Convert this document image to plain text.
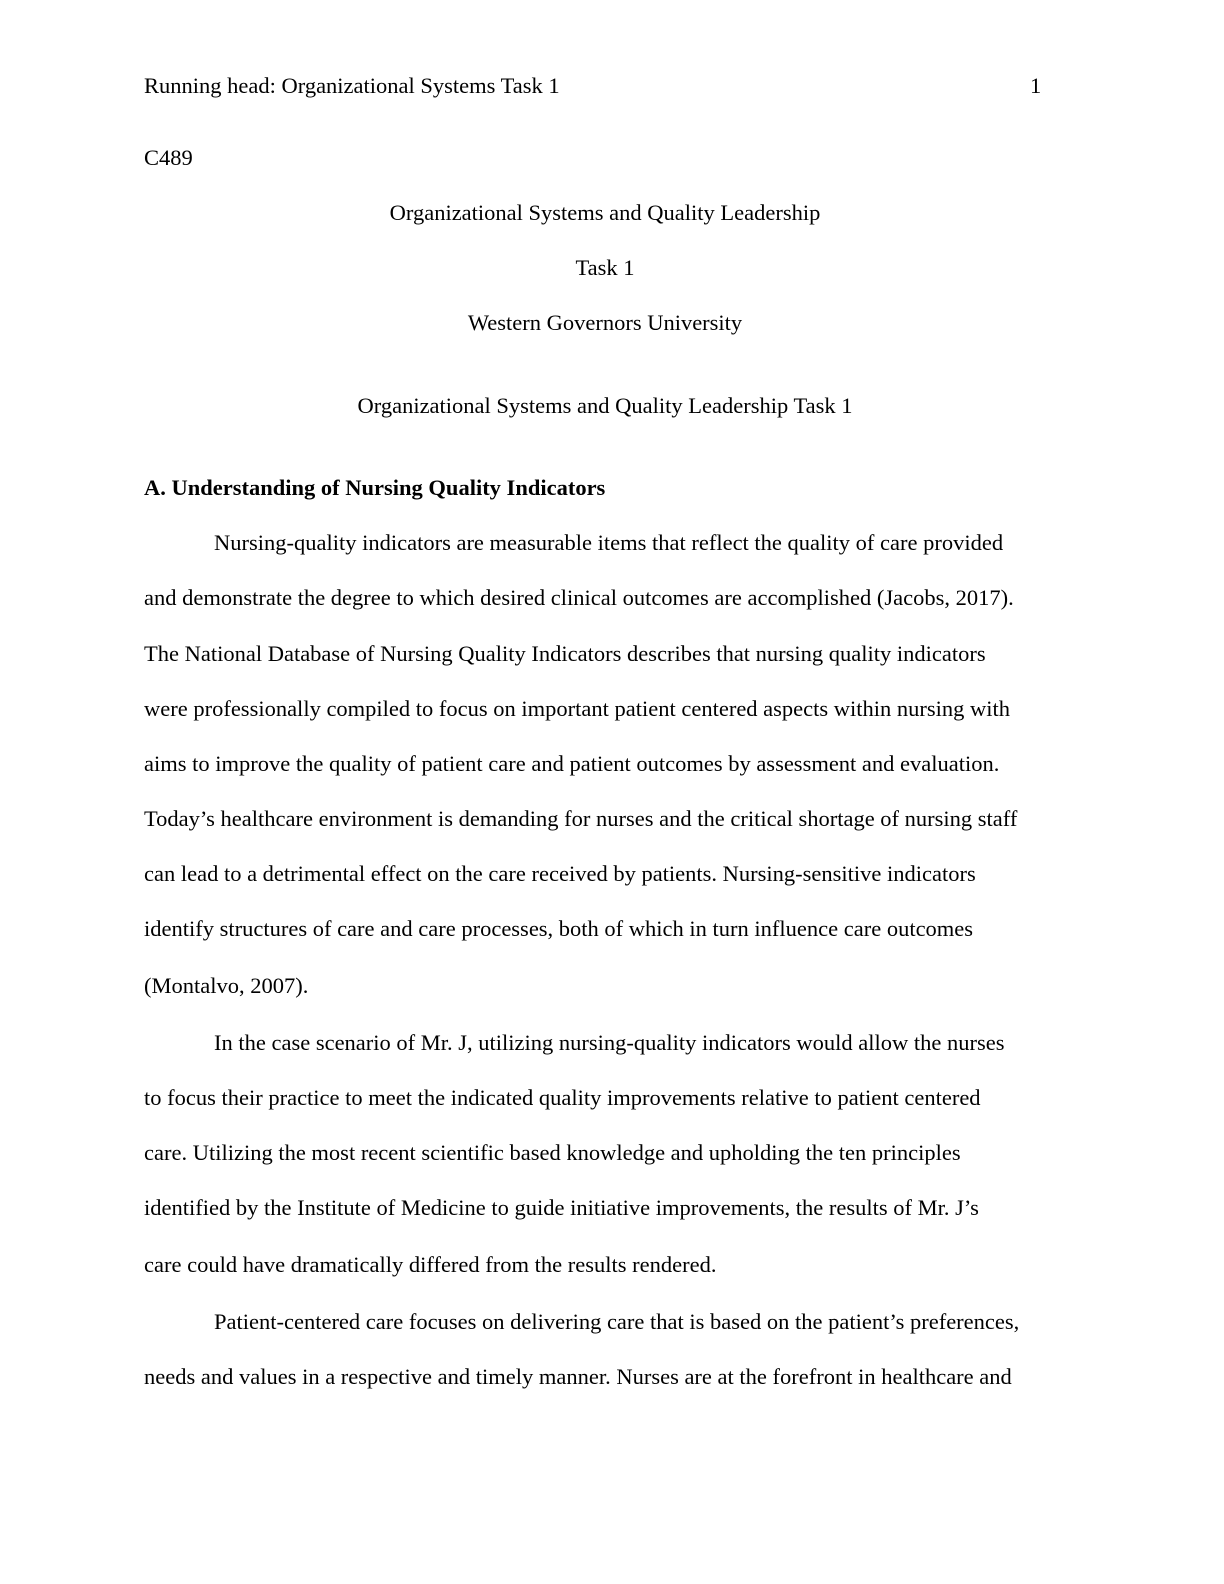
Running head: Organizational Systems Task 1	1
C489
Organizational Systems and Quality Leadership
Task 1
Western Governors University
Organizational Systems and Quality Leadership Task 1
A. Understanding of Nursing Quality Indicators
Nursing-quality indicators are measurable items that reflect the quality of care provided
and demonstrate the degree to which desired clinical outcomes are accomplished (Jacobs, 2017).
The National Database of Nursing Quality Indicators describes that nursing quality indicators
were professionally compiled to focus on important patient centered aspects within nursing with
aims to improve the quality of patient care and patient outcomes by assessment and evaluation.
Today’s healthcare environment is demanding for nurses and the critical shortage of nursing staff
can lead to a detrimental effect on the care received by patients. Nursing-sensitive indicators
identify structures of care and care processes, both of which in turn influence care outcomes
(Montalvo, 2007).
In the case scenario of Mr. J, utilizing nursing-quality indicators would allow the nurses
to focus their practice to meet the indicated quality improvements relative to patient centered
care. Utilizing the most recent scientific based knowledge and upholding the ten principles
identified by the Institute of Medicine to guide initiative improvements, the results of Mr. J’s
care could have dramatically differed from the results rendered.
Patient-centered care focuses on delivering care that is based on the patient’s preferences,
needs and values in a respective and timely manner. Nurses are at the forefront in healthcare and
